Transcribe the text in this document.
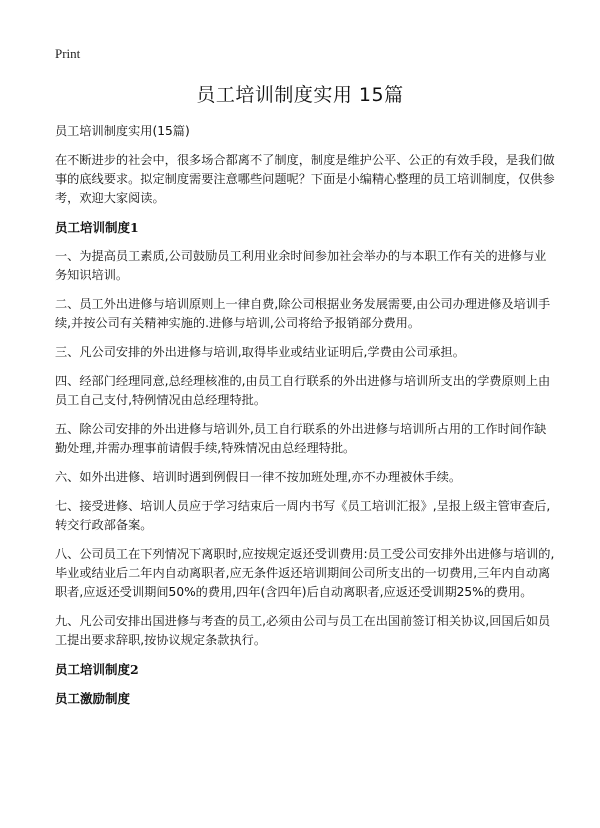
Print
员工培训制度实用 15篇

员工培训制度实用(15篇)

在不断进步的社会中，很多场合都离不了制度，制度是维护公平、公正的有效手段，是我们做事的底线要求。拟定制度需要注意哪些问题呢？下面是小编精心整理的员工培训制度，仅供参考，欢迎大家阅读。

员工培训制度1

一、为提高员工素质,公司鼓励员工利用业余时间参加社会举办的与本职工作有关的进修与业务知识培训。

二、员工外出进修与培训原则上一律自费,除公司根据业务发展需要,由公司办理进修及培训手续,并按公司有关精神实施的.进修与培训,公司将给予报销部分费用。

三、凡公司安排的外出进修与培训,取得毕业或结业证明后,学费由公司承担。

四、经部门经理同意,总经理核准的,由员工自行联系的外出进修与培训所支出的学费原则上由员工自己支付,特例情况由总经理特批。

五、除公司安排的外出进修与培训外,员工自行联系的外出进修与培训所占用的工作时间作缺勤处理,并需办理事前请假手续,特殊情况由总经理特批。

六、如外出进修、培训时遇到例假日一律不按加班处理,亦不办理被休手续。

七、接受进修、培训人员应于学习结束后一周内书写《员工培训汇报》,呈报上级主管审查后,转交行政部备案。

八、公司员工在下列情况下离职时,应按规定返还受训费用:员工受公司安排外出进修与培训的,毕业或结业后二年内自动离职者,应无条件返还培训期间公司所支出的一切费用,三年内自动离职者,应返还受训期间50%的费用,四年(含四年)后自动离职者,应返还受训期25%的费用。

九、凡公司安排出国进修与考查的员工,必须由公司与员工在出国前签订相关协议,回国后如员工提出要求辞职,按协议规定条款执行。

员工培训制度2

员工激励制度
